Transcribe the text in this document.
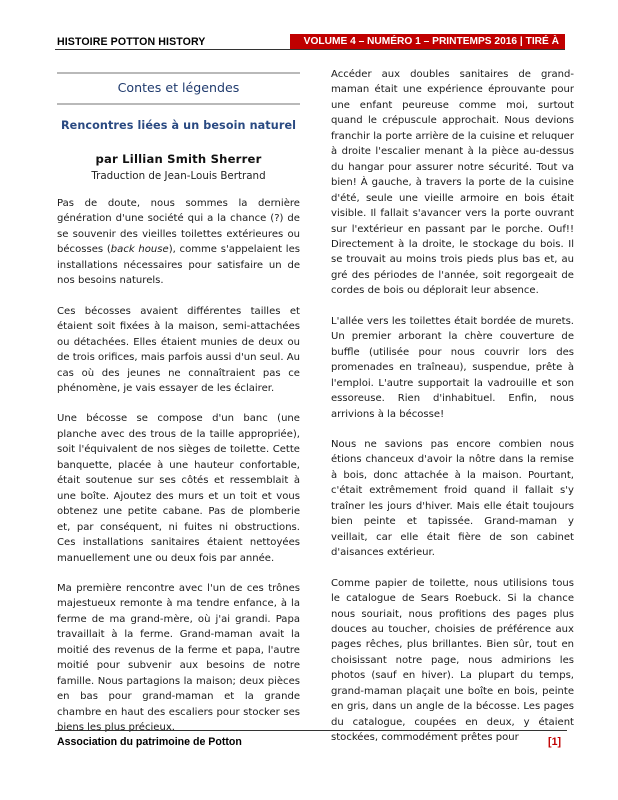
HISTOIRE POTTON HISTORY	VOLUME 4 – NUMÉRO 1 – PRINTEMPS 2016 | TIRÉ À PART
Contes et légendes
Rencontres liées à un besoin naturel
par Lillian Smith Sherrer
Traduction de Jean-Louis Bertrand

Pas de doute, nous sommes la dernière génération d'une société qui a la chance (?) de se souvenir des vieilles toilettes extérieures ou bécosses (back house), comme s'appelaient les installations nécessaires pour satisfaire un de nos besoins naturels.

Ces bécosses avaient différentes tailles et étaient soit fixées à la maison, semi-attachées ou détachées. Elles étaient munies de deux ou de trois orifices, mais parfois aussi d'un seul. Au cas où des jeunes ne connaîtraient pas ce phénomène, je vais essayer de les éclairer.

Une bécosse se compose d'un banc (une planche avec des trous de la taille appropriée), soit l'équivalent de nos sièges de toilette. Cette banquette, placée à une hauteur confortable, était soutenue sur ses côtés et ressemblait à une boîte. Ajoutez des murs et un toit et vous obtenez une petite cabane. Pas de plomberie et, par conséquent, ni fuites ni obstructions. Ces installations sanitaires étaient nettoyées manuellement une ou deux fois par année.

Ma première rencontre avec l'un de ces trônes majestueux remonte à ma tendre enfance, à la ferme de ma grand-mère, où j'ai grandi. Papa travaillait à la ferme. Grand-maman avait la moitié des revenus de la ferme et papa, l'autre moitié pour subvenir aux besoins de notre famille. Nous partagions la maison; deux pièces en bas pour grand-maman et la grande chambre en haut des escaliers pour stocker ses biens les plus précieux.

Accéder aux doubles sanitaires de grand-maman était une expérience éprouvante pour une enfant peureuse comme moi, surtout quand le crépuscule approchait. Nous devions franchir la porte arrière de la cuisine et reluquer à droite l'escalier menant à la pièce au-dessus du hangar pour assurer notre sécurité. Tout va bien! À gauche, à travers la porte de la cuisine d'été, seule une vieille armoire en bois était visible. Il fallait s'avancer vers la porte ouvrant sur l'extérieur en passant par le porche. Ouf!! Directement à la droite, le stockage du bois. Il se trouvait au moins trois pieds plus bas et, au gré des périodes de l'année, soit regorgeait de cordes de bois ou déplorait leur absence.

L'allée vers les toilettes était bordée de murets. Un premier arborant la chère couverture de buffle (utilisée pour nous couvrir lors des promenades en traîneau), suspendue, prête à l'emploi. L'autre supportait la vadrouille et son essoreuse. Rien d'inhabituel. Enfin, nous arrivions à la bécosse!

Nous ne savions pas encore combien nous étions chanceux d'avoir la nôtre dans la remise à bois, donc attachée à la maison. Pourtant, c'était extrêmement froid quand il fallait s'y traîner les jours d'hiver. Mais elle était toujours bien peinte et tapissée. Grand-maman y veillait, car elle était fière de son cabinet d'aisances extérieur.

Comme papier de toilette, nous utilisions tous le catalogue de Sears Roebuck. Si la chance nous souriait, nous profitions des pages plus douces au toucher, choisies de préférence aux pages rêches, plus brillantes. Bien sûr, tout en choisissant notre page, nous admirions les photos (sauf en hiver). La plupart du temps, grand-maman plaçait une boîte en bois, peinte en gris, dans un angle de la bécosse. Les pages du catalogue, coupées en deux, y étaient stockées, commodément prêtes pour

Association du patrimoine de Potton	[1]
